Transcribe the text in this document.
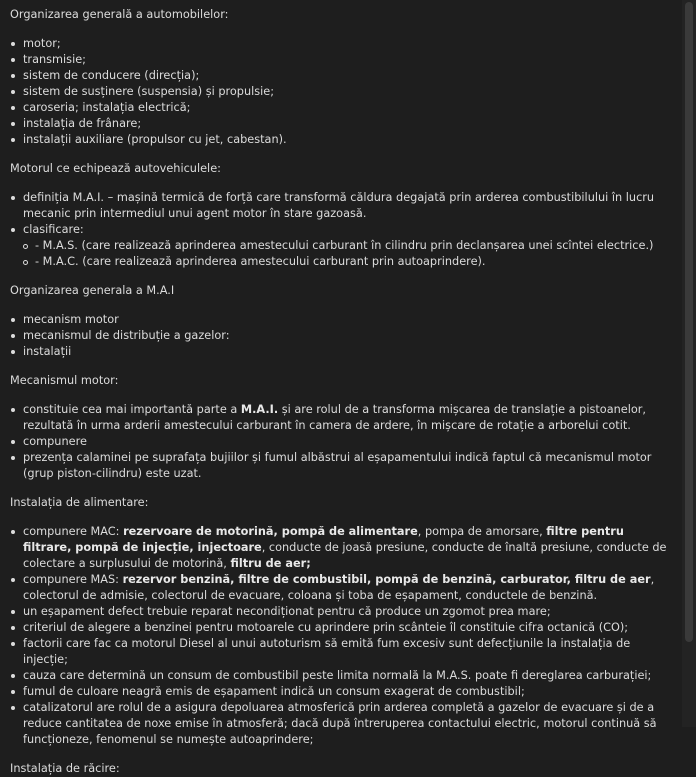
Organizarea generală a automobilelor:

motor;
transmisie;
sistem de conducere (direcția);
sistem de susținere (suspensia) și propulsie;
caroseria; instalația electrică;
instalația de frânare;
instalații auxiliare (propulsor cu jet, cabestan).

Motorul ce echipează autovehiculele:

definiția M.A.I. – mașină termică de forță care transformă căldura degajată prin arderea combustibilului în lucru mecanic prin intermediul unui agent motor în stare gazoasă.
clasificare:
- M.A.S. (care realizează aprinderea amestecului carburant în cilindru prin declanșarea unei scîntei electrice.)
- M.A.C. (care realizează aprinderea amestecului carburant prin autoaprindere).

Organizarea generala a M.A.I

mecanism motor
mecanismul de distribuție a gazelor:
instalații

Mecanismul motor:

constituie cea mai importantă parte a M.A.I. și are rolul de a transforma mișcarea de translație a pistoanelor, rezultată în urma arderii amestecului carburant în camera de ardere, în mișcare de rotație a arborelui cotit.
compunere
prezența calaminei pe suprafața bujiilor și fumul albăstrui al eșapamentului indică faptul că mecanismul motor (grup piston-cilindru) este uzat.

Instalația de alimentare:

compunere MAC: rezervoare de motorină, pompă de alimentare, pompa de amorsare, filtre pentru filtrare, pompă de injecție, injectoare, conducte de joasă presiune, conducte de înaltă presiune, conducte de colectare a surplusului de motorină, filtru de aer;
compunere MAS: rezervor benzină, filtre de combustibil, pompă de benzină, carburator, filtru de aer, colectorul de admisie, colectorul de evacuare, coloana și toba de eșapament, conductele de benzină.
un eșapament defect trebuie reparat necondiționat pentru că produce un zgomot prea mare;
criteriul de alegere a benzinei pentru motoarele cu aprindere prin scânteie îl constituie cifra octanică (CO);
factorii care fac ca motorul Diesel al unui autoturism să emită fum excesiv sunt defecțiunile la instalația de injecție;
cauza care determină un consum de combustibil peste limita normală la M.A.S. poate fi dereglarea carburației;
fumul de culoare neagră emis de eșapament indică un consum exagerat de combustibil;
catalizatorul are rolul de a asigura depoluarea atmosferică prin arderea completă a gazelor de evacuare și de a reduce cantitatea de noxe emise în atmosferă; dacă după întreruperea contactului electric, motorul continuă să funcționeze, fenomenul se numește autoaprindere;

Instalația de răcire:
